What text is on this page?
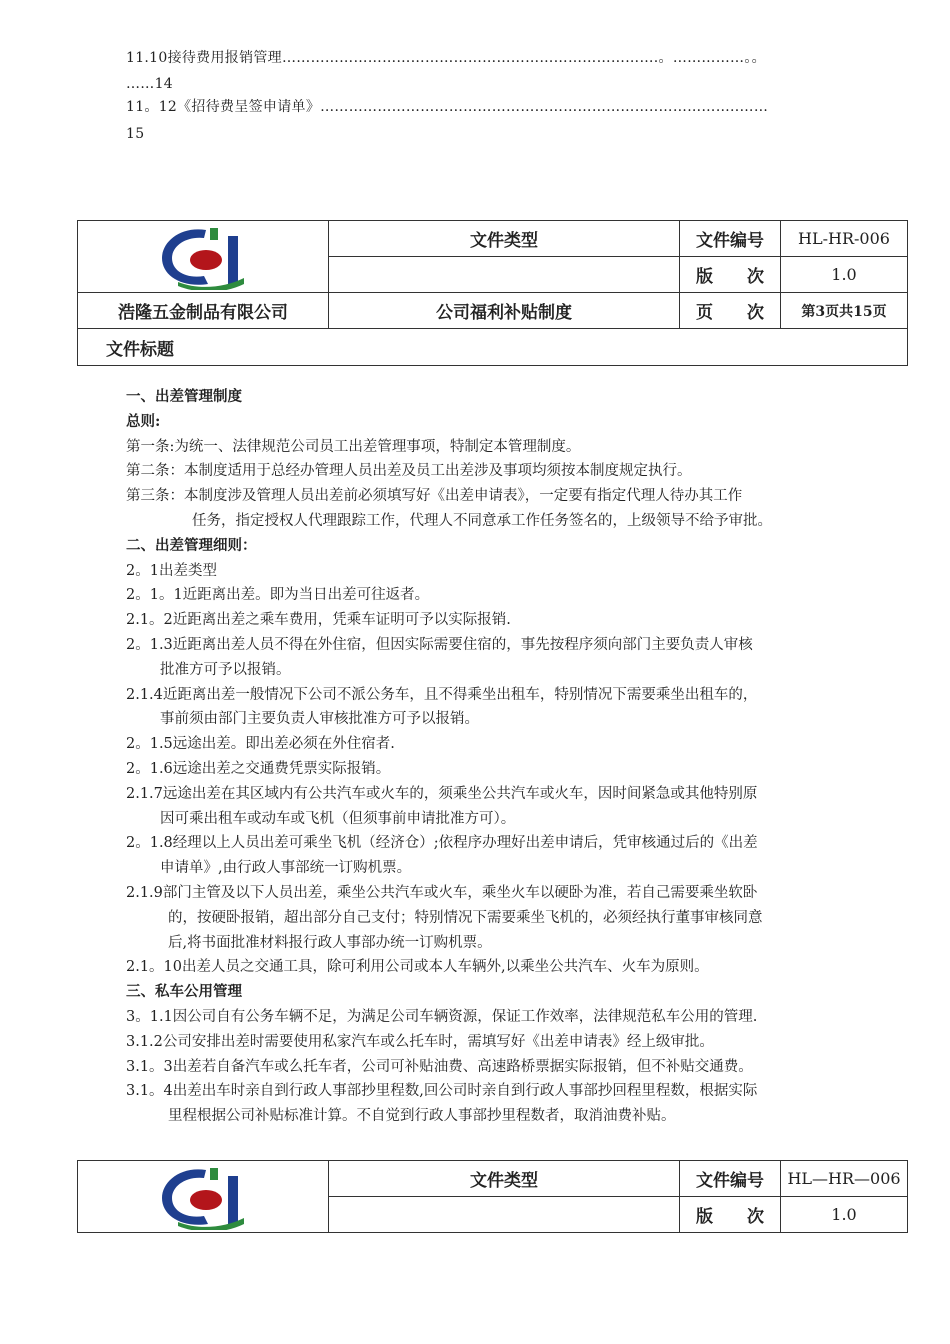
11.10接待费用报销管理…………………………………………………………………….。……………。。
……14
11。12《招待费呈签申请单》……………………………………………………………..……………..……
15
	文件类型	文件编号	HL-HR-006
		版　　次	1.0
浩隆五金制品有限公司	公司福利补贴制度	页　　次	第3页共15页
文件标题			
一、出差管理制度
总则:
第一条:为统一、法律规范公司员工出差管理事项，特制定本管理制度。
第二条：本制度适用于总经办管理人员出差及员工出差涉及事项均须按本制度规定执行。
第三条：本制度涉及管理人员出差前必须填写好《出差申请表》，一定要有指定代理人待办其工作
任务，指定授权人代理跟踪工作，代理人不同意承工作任务签名的，上级领导不给予审批。
二、出差管理细则：
2。1出差类型
2。1。1近距离出差。即为当日出差可往返者。
2.1。2近距离出差之乘车费用，凭乘车证明可予以实际报销.
2。1.3近距离出差人员不得在外住宿，但因实际需要住宿的，事先按程序须向部门主要负责人审核
批准方可予以报销。
2.1.4近距离出差一般情况下公司不派公务车，且不得乘坐出租车，特别情况下需要乘坐出租车的，
事前须由部门主要负责人审核批准方可予以报销。
2。1.5远途出差。即出差必须在外住宿者.
2。1.6远途出差之交通费凭票实际报销。
2.1.7远途出差在其区域内有公共汽车或火车的，须乘坐公共汽车或火车，因时间紧急或其他特别原
因可乘出租车或动车或飞机（但须事前申请批准方可）。
2。1.8经理以上人员出差可乘坐飞机（经济仓）;依程序办理好出差申请后，凭审核通过后的《出差
申请单》,由行政人事部统一订购机票。
2.1.9部门主管及以下人员出差，乘坐公共汽车或火车，乘坐火车以硬卧为准，若自己需要乘坐软卧
的，按硬卧报销，超出部分自己支付；特别情况下需要乘坐飞机的，必须经执行董事审核同意
后,将书面批准材料报行政人事部办统一订购机票。
2.1。10出差人员之交通工具，除可利用公司或本人车辆外,以乘坐公共汽车、火车为原则。
三、私车公用管理
3。1.1因公司自有公务车辆不足，为满足公司车辆资源，保证工作效率，法律规范私车公用的管理.
3.1.2公司安排出差时需要使用私家汽车或么托车时，需填写好《出差申请表》经上级审批。
3.1。3出差若自备汽车或么托车者，公司可补贴油费、高速路桥票据实际报销，但不补贴交通费。
3.1。4出差出车时亲自到行政人事部抄里程数,回公司时亲自到行政人事部抄回程里程数，根据实际
里程根据公司补贴标准计算。不自觉到行政人事部抄里程数者，取消油费补贴。
	文件类型	文件编号	HL—HR—006
		版　　次	1.0
